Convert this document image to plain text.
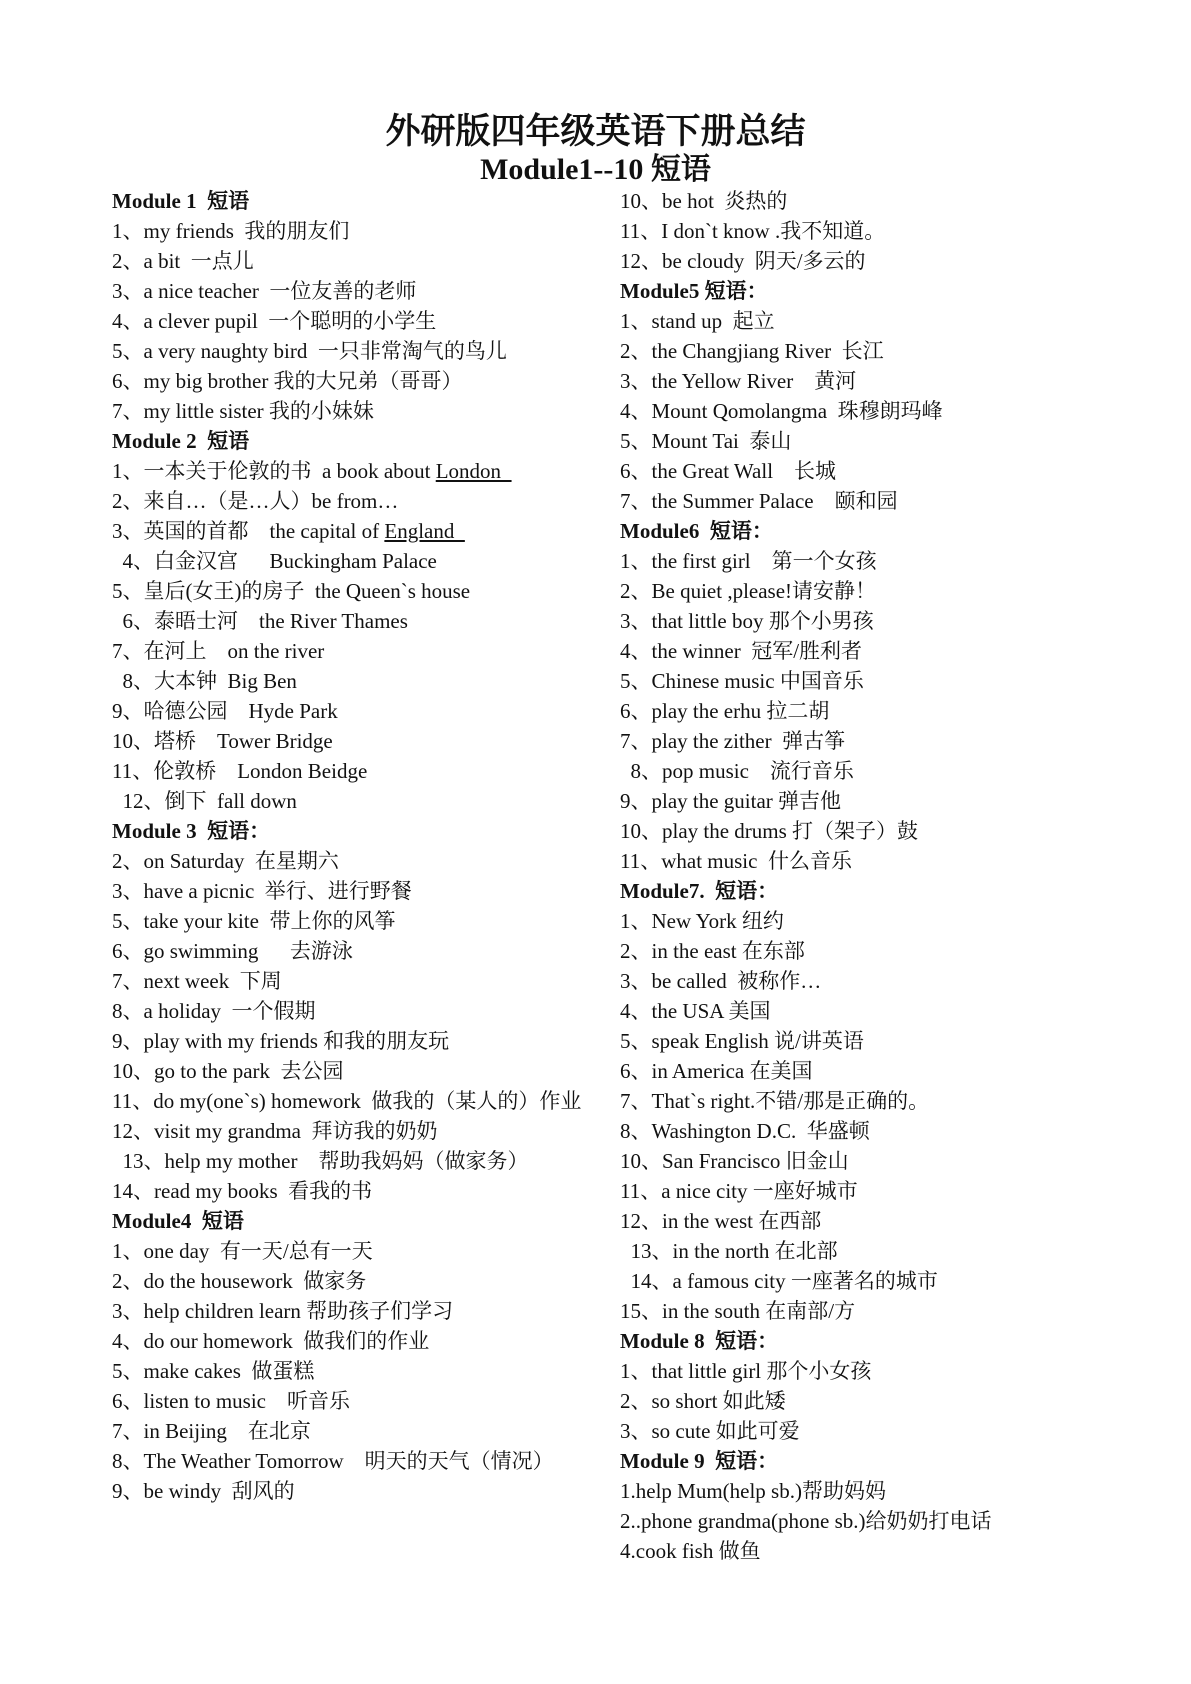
外研版四年级英语下册总结
Module1--10 短语
Module 1  短语
1、my friends  我的朋友们
2、a bit  一点儿
3、a nice teacher  一位友善的老师
4、a clever pupil  一个聪明的小学生
5、a very naughty bird  一只非常淘气的鸟儿
6、my big brother 我的大兄弟（哥哥）
7、my little sister 我的小妹妹
Module 2  短语
1、一本关于伦敦的书  a book about London
2、来自…（是…人）be from…
3、英国的首都    the capital of England
4、白金汉宫      Buckingham Palace
5、皇后(女王)的房子  the Queen`s house
6、泰晤士河    the River Thames
7、在河上    on the river
8、大本钟  Big Ben
9、哈德公园    Hyde Park
10、塔桥    Tower Bridge
11、伦敦桥    London Beidge
12、倒下  fall down
Module 3  短语：
2、on Saturday  在星期六
3、have a picnic  举行、进行野餐
5、take your kite  带上你的风筝
6、go swimming      去游泳
7、next week  下周
8、a holiday  一个假期
9、play with my friends 和我的朋友玩
10、go to the park  去公园
11、do my(one`s) homework  做我的（某人的）作业
12、visit my grandma  拜访我的奶奶
13、help my mother    帮助我妈妈（做家务）
14、read my books  看我的书
Module4  短语
1、one day  有一天/总有一天
2、do the housework  做家务
3、help children learn 帮助孩子们学习
4、do our homework  做我们的作业
5、make cakes  做蛋糕
6、listen to music    听音乐
7、in Beijing    在北京
8、The Weather Tomorrow    明天的天气（情况）
9、be windy  刮风的
10、be hot  炎热的
11、I don`t know .我不知道。
12、be cloudy  阴天/多云的
Module5 短语：
1、stand up  起立
2、the Changjiang River  长江
3、the Yellow River    黄河
4、Mount Qomolangma  珠穆朗玛峰
5、Mount Tai  泰山
6、the Great Wall    长城
7、the Summer Palace    颐和园
Module6  短语：
1、the first girl    第一个女孩
2、Be quiet ,please!请安静！
3、that little boy 那个小男孩
4、the winner  冠军/胜利者
5、Chinese music 中国音乐
6、play the erhu 拉二胡
7、play the zither  弹古筝
8、pop music    流行音乐
9、play the guitar 弹吉他
10、play the drums 打（架子）鼓
11、what music  什么音乐
Module7.  短语：
1、New York 纽约
2、in the east 在东部
3、be called  被称作…
4、the USA 美国
5、speak English 说/讲英语
6、in America 在美国
7、That`s right.不错/那是正确的。
8、Washington D.C.  华盛顿
10、San Francisco 旧金山
11、a nice city 一座好城市
12、in the west 在西部
13、in the north 在北部
14、a famous city 一座著名的城市
15、in the south 在南部/方
Module 8  短语：
1、that little girl 那个小女孩
2、so short 如此矮
3、so cute 如此可爱
Module 9  短语：
1.help Mum(help sb.)帮助妈妈
2..phone grandma(phone sb.)给奶奶打电话
4.cook fish 做鱼
